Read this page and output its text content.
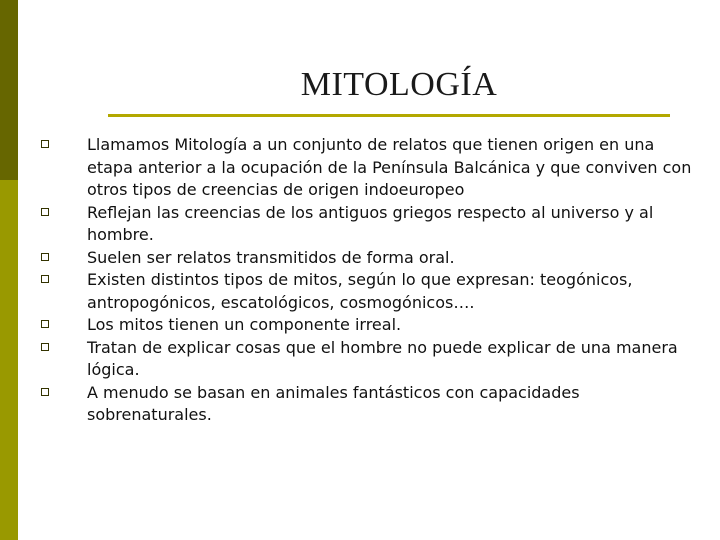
MITOLOGÍA
Llamamos Mitología a un conjunto de relatos que tienen origen en una etapa anterior a la ocupación de la Península Balcánica y que conviven con otros tipos de creencias de origen indoeuropeo
Reflejan las creencias de los antiguos griegos respecto al universo y al hombre.
Suelen ser relatos transmitidos de forma oral.
Existen distintos tipos de mitos, según lo que expresan: teogónicos, antropogónicos, escatológicos, cosmogónicos….
Los mitos tienen un componente irreal.
Tratan de explicar cosas que el hombre no puede explicar de una manera lógica.
A menudo se basan en animales fantásticos con capacidades sobrenaturales.
